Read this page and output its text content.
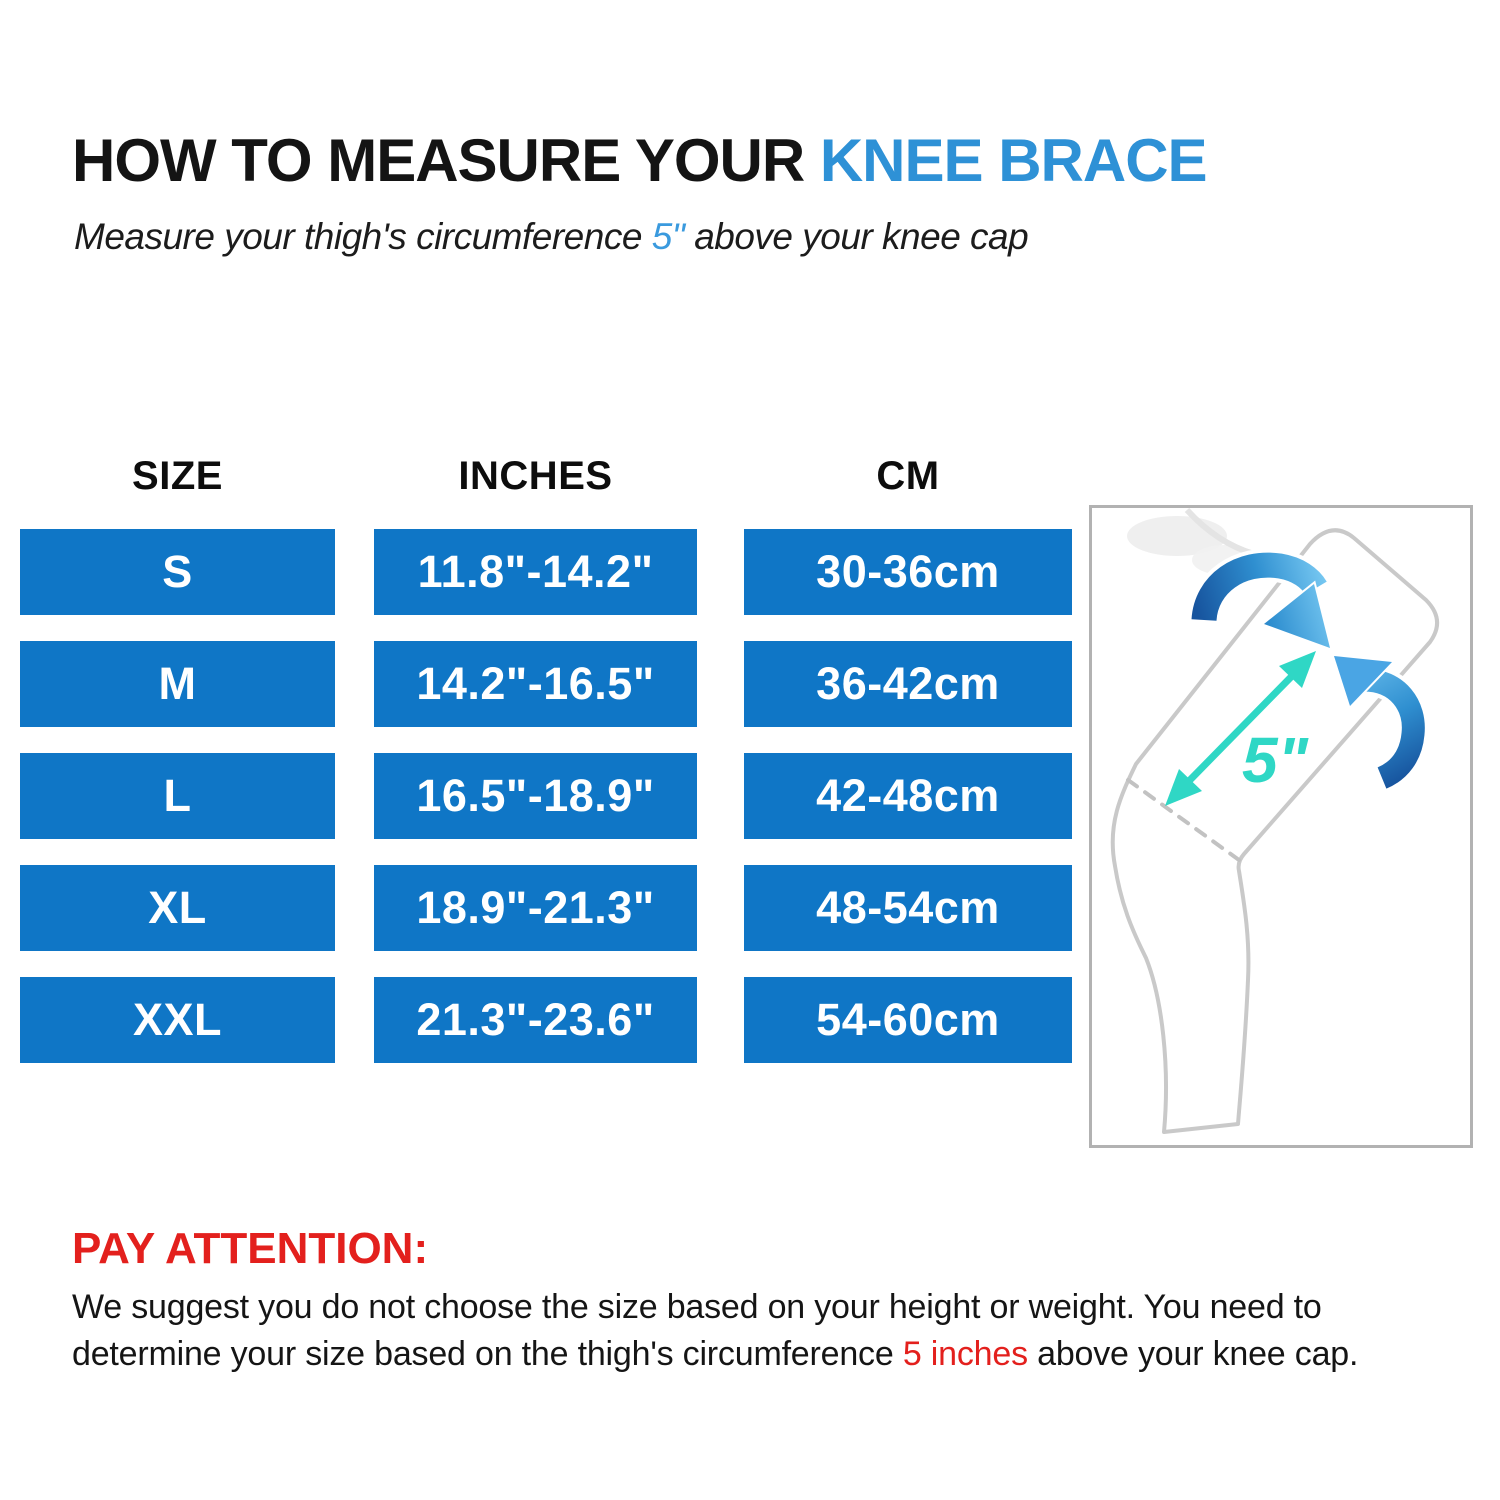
HOW TO MEASURE YOUR KNEE BRACE
Measure your thigh's circumference 5" above your knee cap
SIZE	INCHES	CM
S	11.8"-14.2"	30-36cm
M	14.2"-16.5"	36-42cm
L	16.5"-18.9"	42-48cm
XL	18.9"-21.3"	48-54cm
XXL	21.3"-23.6"	54-60cm
5"
PAY ATTENTION:
We suggest you do not choose the size based on your height or weight. You need to
determine your size based on the thigh's circumference 5 inches above your knee cap.
